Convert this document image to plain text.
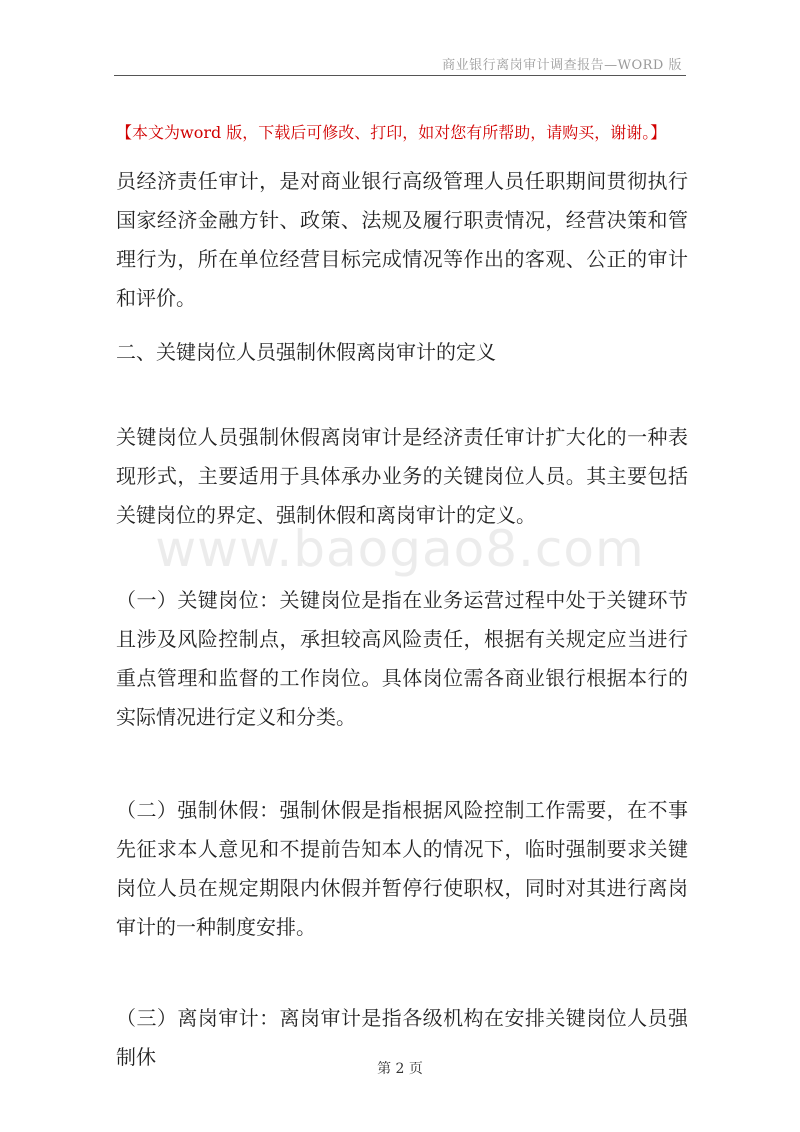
商业银行离岗审计调查报告—WORD 版
【本文为word 版，下载后可修改、打印，如对您有所帮助，请购买，谢谢。】

员经济责任审计，是对商业银行高级管理人员任职期间贯彻执行国家经济金融方针、政策、法规及履行职责情况，经营决策和管理行为，所在单位经营目标完成情况等作出的客观、公正的审计和评价。

二、关键岗位人员强制休假离岗审计的定义

关键岗位人员强制休假离岗审计是经济责任审计扩大化的一种表现形式，主要适用于具体承办业务的关键岗位人员。其主要包括关键岗位的界定、强制休假和离岗审计的定义。

www.baogao8.com

（一）关键岗位：关键岗位是指在业务运营过程中处于关键环节且涉及风险控制点，承担较高风险责任，根据有关规定应当进行重点管理和监督的工作岗位。具体岗位需各商业银行根据本行的实际情况进行定义和分类。

（二）强制休假：强制休假是指根据风险控制工作需要，在不事先征求本人意见和不提前告知本人的情况下，临时强制要求关键岗位人员在规定期限内休假并暂停行使职权，同时对其进行离岗审计的一种制度安排。

（三）离岗审计：离岗审计是指各级机构在安排关键岗位人员强制休	第 2 页
